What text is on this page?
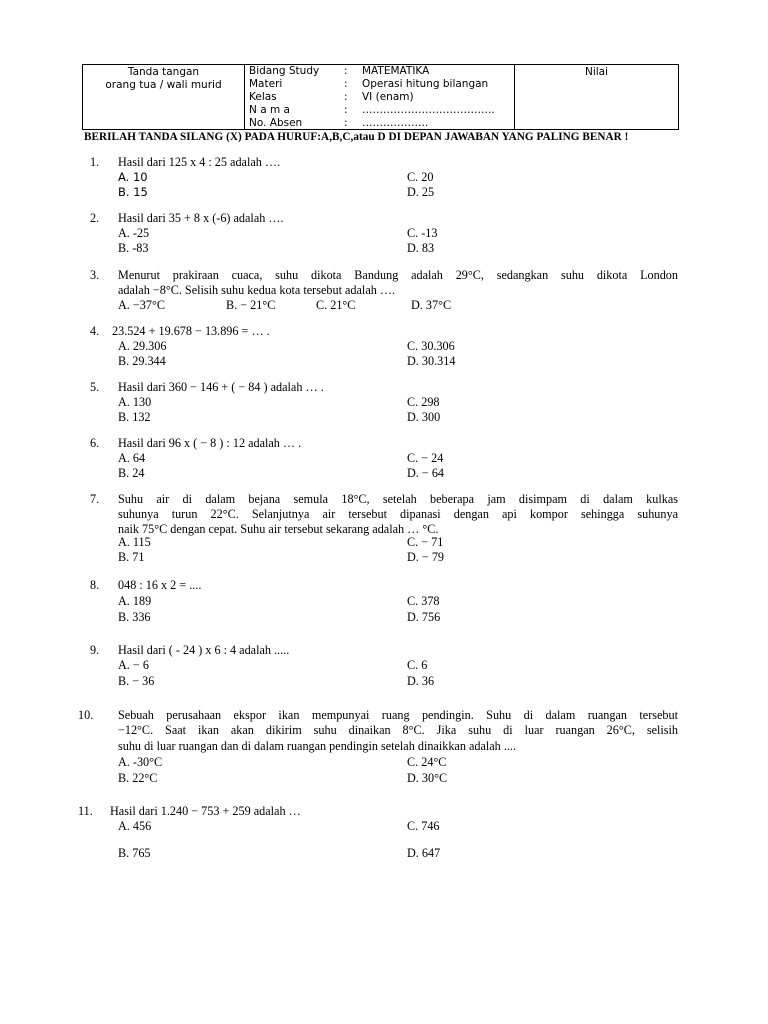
Tanda tangan
orang tua / wali murid
Bidang Study : MATEMATIKA
Materi	: Operasi hitung bilangan
Kelas	: VI (enam)
N a m a	: ………………………………..
No. Absen	: ……………….
Nilai
BERILAH TANDA SILANG (X) PADA HURUF:A,B,C,atau D DI DEPAN JAWABAN YANG PALING BENAR !
1. Hasil dari 125 x 4 : 25 adalah ….
A. 10
B. 15
C. 20
D. 25
2. Hasil dari 35 + 8 x (-6) adalah ….
A. -25
B. -83
C. -13
D. 83
3. Menurut prakiraan cuaca, suhu dikota Bandung adalah 29°C, sedangkan suhu dikota London
adalah −8°C. Selisih suhu kedua kota tersebut adalah ….
A. −37°C	B. − 21°C	C. 21°C	D. 37°C
4. 23.524 + 19.678 − 13.896 = … .
A. 29.306
B. 29.344
C. 30.306
D. 30.314
5. Hasil dari 360 − 146 + ( − 84 ) adalah … .
A. 130
B. 132
C. 298
D. 300
6. Hasil dari 96 x ( − 8 ) : 12 adalah … .
A. 64
B. 24
C. − 24
D. − 64
7. Suhu air di dalam bejana semula 18°C, setelah beberapa jam disimpam di dalam kulkas
suhunya turun 22°C. Selanjutnya air tersebut dipanasi dengan api kompor sehingga suhunya
naik 75°C dengan cepat. Suhu air tersebut sekarang adalah … °C.
A. 115
B. 71
C. − 71
D. − 79
8. 048 : 16 x 2 = ....
A. 189
B. 336
C. 378
D. 756
9. Hasil dari ( - 24 ) x 6 : 4 adalah .....
A. − 6
B. − 36
C. 6
D. 36
10. Sebuah perusahaan ekspor ikan mempunyai ruang pendingin. Suhu di dalam ruangan tersebut
−12°C. Saat ikan akan dikirim suhu dinaikan 8°C. Jika suhu di luar ruangan 26°C, selisih
suhu di luar ruangan dan di dalam ruangan pendingin setelah dinaikkan adalah ....
A. -30°C
B. 22°C
C. 24°C
D. 30°C
11. Hasil dari 1.240 − 753 + 259 adalah …
A. 456
B. 765
C. 746
D. 647
